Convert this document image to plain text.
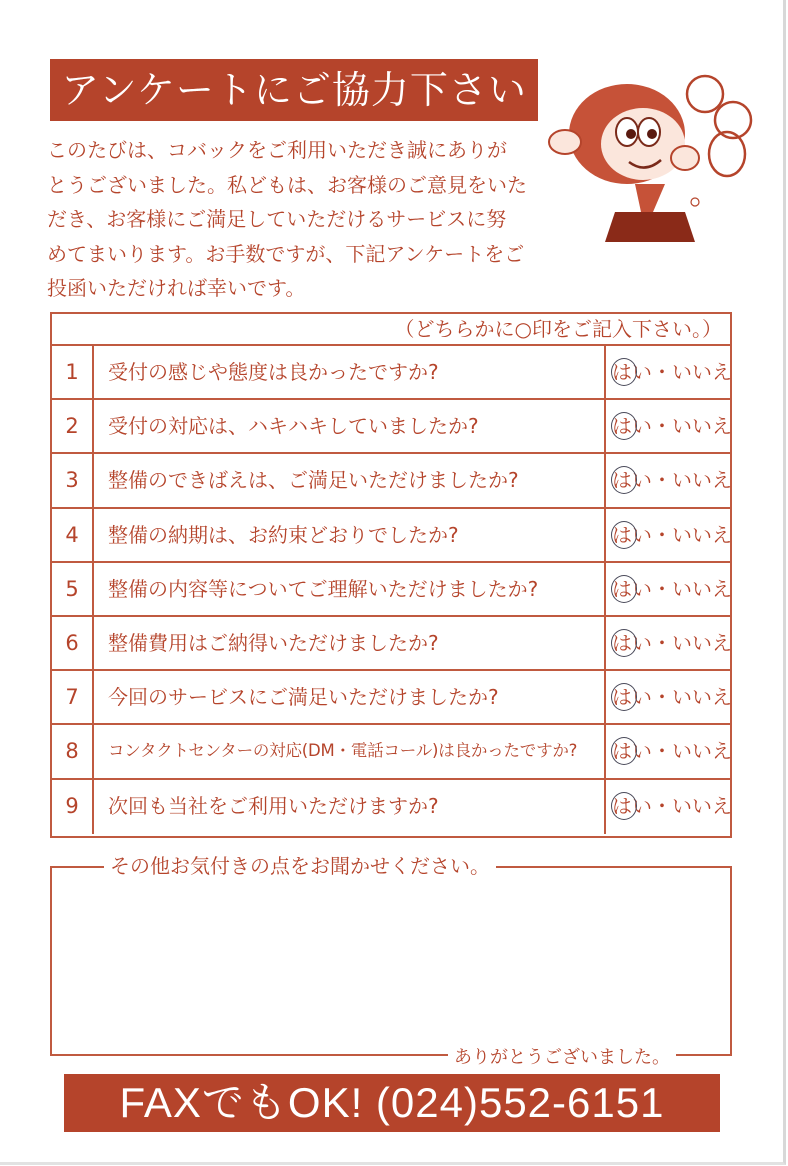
アンケートにご協力下さい
このたびは、コバックをご利用いただき誠にありが
とうございました。私どもは、お客様のご意見をいた
だき、お客様にご満足していただけるサービスに努
めてまいります。お手数ですが、下記アンケートをご
投函いただければ幸いです。
（どちらかに○印をご記入下さい。）
1	受付の感じや態度は良かったですか?	はい・いいえ
2	受付の対応は、ハキハキしていましたか?	はい・いいえ
3	整備のできばえは、ご満足いただけましたか?	はい・いいえ
4	整備の納期は、お約束どおりでしたか?	はい・いいえ
5	整備の内容等についてご理解いただけましたか?	はい・いいえ
6	整備費用はご納得いただけましたか?	はい・いいえ
7	今回のサービスにご満足いただけましたか?	はい・いいえ
8	コンタクトセンターの対応(DM・電話コール)は良かったですか?	はい・いいえ
9	次回も当社をご利用いただけますか?	はい・いいえ
その他お気付きの点をお聞かせください。
ありがとうございました。
FAXでもOK! (024)552-6151
